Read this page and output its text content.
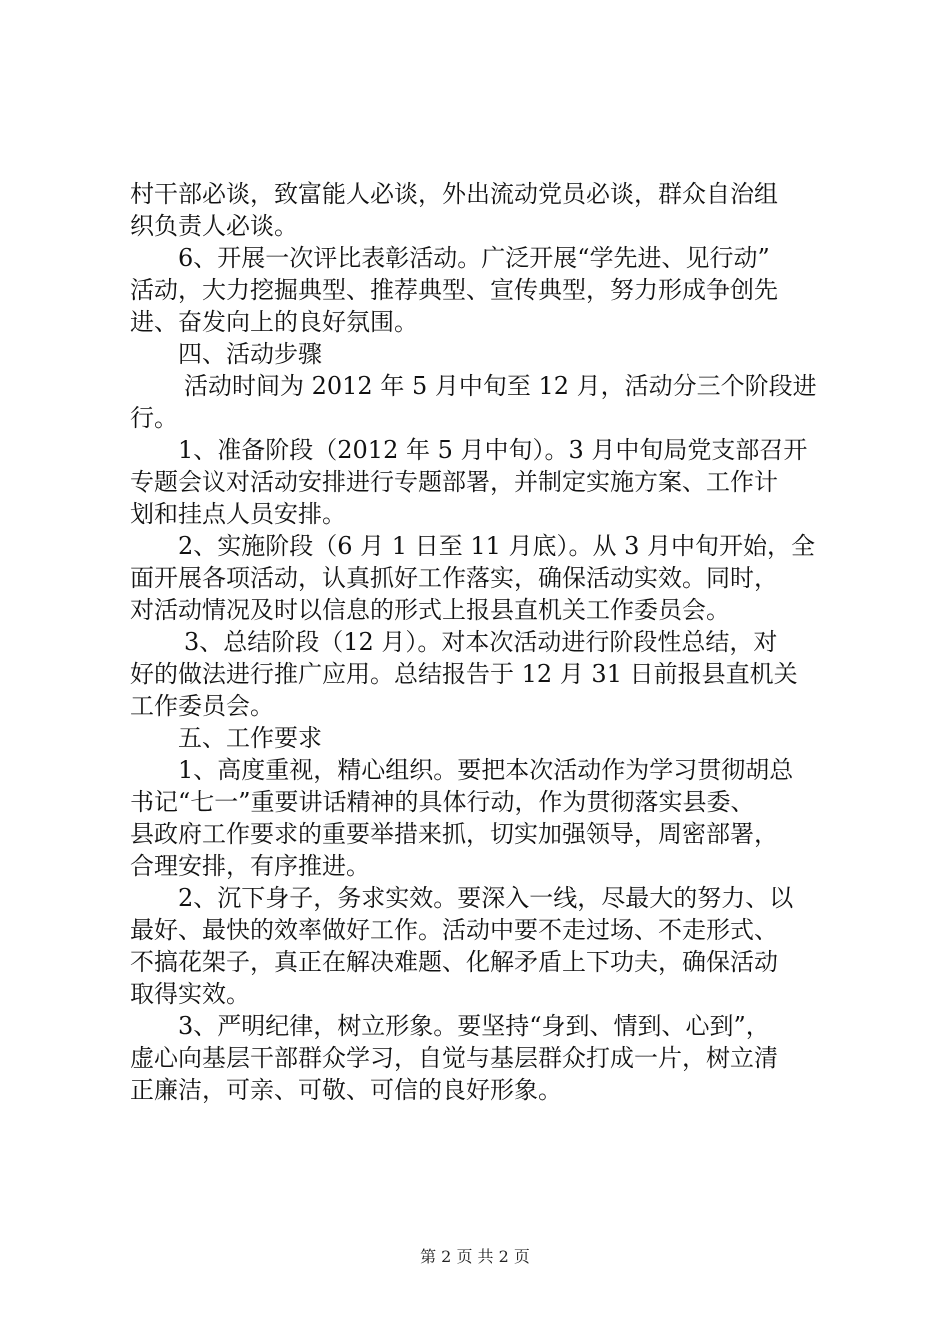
村干部必谈，致富能人必谈，外出流动党员必谈，群众自治组
织负责人必谈。
6、开展一次评比表彰活动。广泛开展“学先进、见行动”
活动，大力挖掘典型、推荐典型、宣传典型，努力形成争创先
进、奋发向上的良好氛围。
四、活动步骤
活动时间为 2012 年 5 月中旬至 12 月，活动分三个阶段进
行。
1、准备阶段（2012 年 5 月中旬）。3 月中旬局党支部召开
专题会议对活动安排进行专题部署，并制定实施方案、工作计
划和挂点人员安排。
2、实施阶段（6 月 1 日至 11 月底）。从 3 月中旬开始，全
面开展各项活动，认真抓好工作落实，确保活动实效。同时，
对活动情况及时以信息的形式上报县直机关工作委员会。
3、总结阶段（12 月）。对本次活动进行阶段性总结，对
好的做法进行推广应用。总结报告于 12 月 31 日前报县直机关
工作委员会。
五、工作要求
1、高度重视，精心组织。要把本次活动作为学习贯彻胡总
书记“七一”重要讲话精神的具体行动，作为贯彻落实县委、
县政府工作要求的重要举措来抓，切实加强领导，周密部署，
合理安排，有序推进。
2、沉下身子，务求实效。要深入一线，尽最大的努力、以
最好、最快的效率做好工作。活动中要不走过场、不走形式、
不搞花架子，真正在解决难题、化解矛盾上下功夫，确保活动
取得实效。
3、严明纪律，树立形象。要坚持“身到、情到、心到”，
虚心向基层干部群众学习，自觉与基层群众打成一片，树立清
正廉洁，可亲、可敬、可信的良好形象。
第 2 页 共 2 页
